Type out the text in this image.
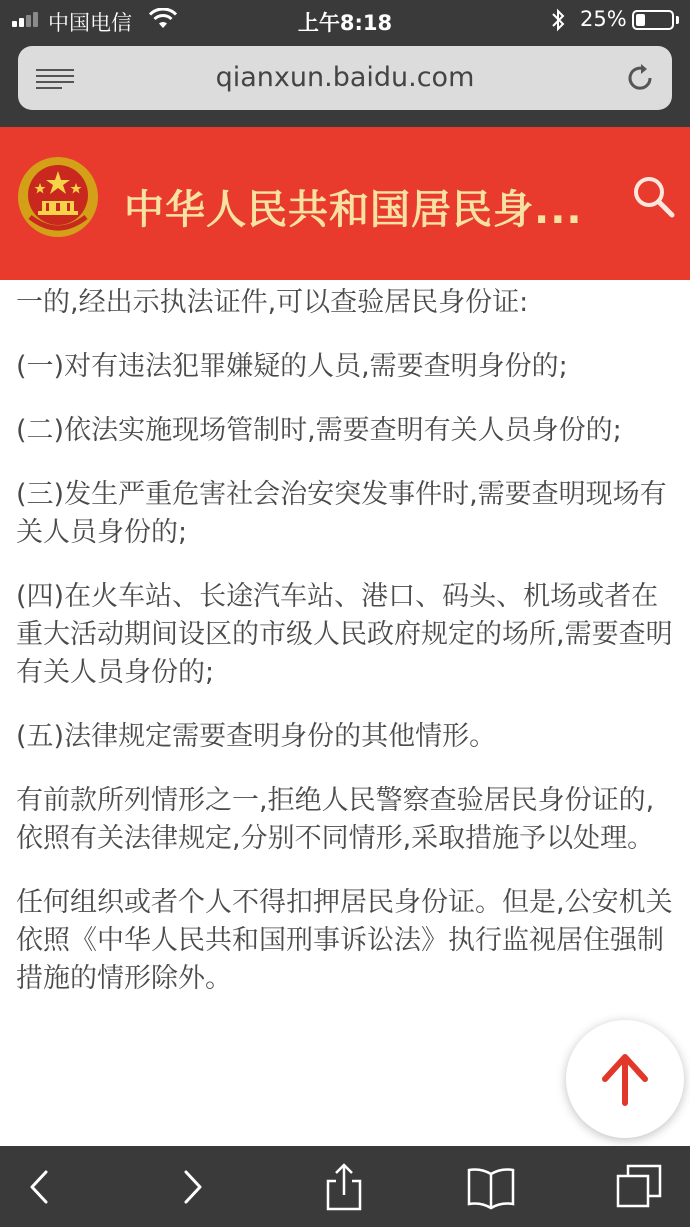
中国电信	上午8:18	25%
qianxun.baidu.com
中华人民共和国居民身...

一的,经出示执法证件,可以查验居民身份证:

(一)对有违法犯罪嫌疑的人员,需要查明身份的;

(二)依法实施现场管制时,需要查明有关人员身份的;

(三)发生严重危害社会治安突发事件时,需要查明现场有关人员身份的;

(四)在火车站、长途汽车站、港口、码头、机场或者在重大活动期间设区的市级人民政府规定的场所,需要查明有关人员身份的;

(五)法律规定需要查明身份的其他情形。

有前款所列情形之一,拒绝人民警察查验居民身份证的,依照有关法律规定,分别不同情形,采取措施予以处理。

任何组织或者个人不得扣押居民身份证。但是,公安机关依照《中华人民共和国刑事诉讼法》执行监视居住强制措施的情形除外。
